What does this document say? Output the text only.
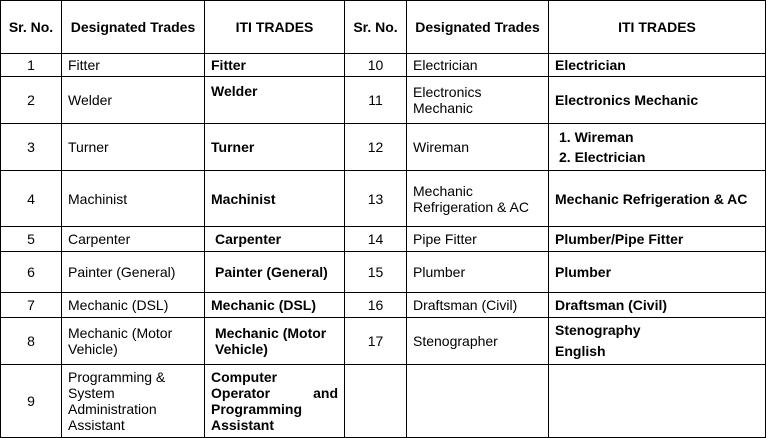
Sr. No.	Designated Trades	ITI TRADES	Sr. No.	Designated Trades	ITI TRADES
1	Fitter	Fitter	10	Electrician	Electrician

2	Welder	Welder	11	Electronics Mechanic	Electronics Mechanic

3	Turner	Turner	12	Wireman	1. Wireman
2. Electrician

4	Machinist	Machinist	13	Mechanic Refrigeration & AC	Mechanic Refrigeration & AC

5	Carpenter	Carpenter	14	Pipe Fitter	Plumber/Pipe Fitter

6	Painter (General)	Painter (General)	15	Plumber	Plumber

7	Mechanic (DSL)	Mechanic (DSL)	16	Draftsman (Civil)	Draftsman (Civil)

8	Mechanic (Motor Vehicle)	Mechanic (Motor Vehicle)	17	Stenographer	Stenography
English

9	Programming & System Administration Assistant	Computer Operator and Programming Assistant			
